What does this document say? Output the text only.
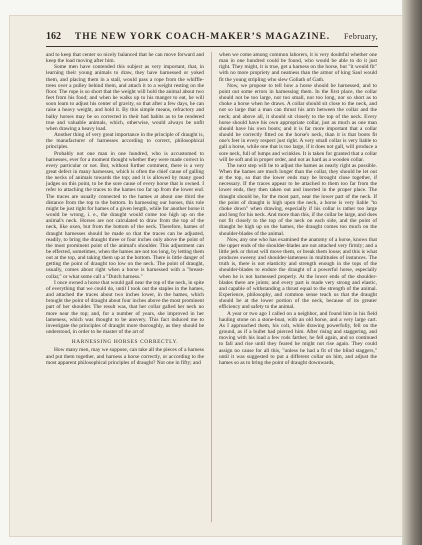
162 THE NEW YORK COACH-MAKER’S MAGAZINE. February,

and to keep that center so nicely balanced that he can move forward and keep the load moving after him.

Some men have contended this subject as very important, that, in learning their young animals to draw, they have harnessed or yoked them, and placing them in a stall, would pass a rope from the whiffle-trees over a pulley behind them, and attach it to a weight resting on the floor. The rope is so short that the weight will hold the animal about two feet from his food; and when he walks up to his manger to eat, he will soon learn to adjust his center of gravity, so that after a few days, he can raise a heavy weight, and hold it. By this simple means, refractory and balky horses may be so corrected in their bad habits as to be rendered true and valuable animals, which, otherwise, would always be unfit when drawing a heavy load.

Another thing of very great importance in the principle of draught is, the manufacturer of harnesses according to correct, philosophical principles.

Probably not one man in one hundred, who is accustomed to harnesses, ever for a moment thought whether they were made correct in every particular or not. But, without further comment, there is a very great defect in many harnesses, which is often the chief cause of galling the necks of animals towards the top; and it is allowed by many good judges on this point, to be the sore cause of every horse that is owned. I refer to attaching the traces to the hames too far up from the lower end. The traces are usually connected to the hames at about one third the distance from the top to the bottom. In harnessing our horses, this rule might be just right for hames of a given length, while for another horse it would be wrong, i. e., the draught would come too high up on the animal's neck. Horses are not calculated to draw from the top of the neck, like oxen, but from the bottom of the neck. Therefore, hames of draught harnesses should be made so that the traces can be adjusted, readily, to bring the draught three or four inches only above the point of the most prominent point of the animal's shoulder. This adjustment can be effected, sometimes, when the hames are not too long, by letting them out at the top, and taking them up at the bottom. There is little danger of getting the point of draught too low on the neck. The point of draught, usually, comes about right when a horse is harnessed with a "breast-collar," or what some call a "Dutch harness."

I once owned a horse that would gall near the top of the neck, in spite of everything that we could do, until I took out the staples in the hames, and attached the traces about two inches lower, in the hames, which brought the point of draught about four inches above the most prominent part of her shoulder. The result was, that her collar galled her neck no more near the top; and, for a number of years, she improved in her lameness, which was thought to be ansvery. This fact induced me to investigate the principles of draught more thoroughly, as they should be understood, in order to be master of the art of

HARNESSING HORSES CORRECTLY.

How many men, may we suppose, can take all the pieces of a harness and put them together, and harness a horse correctly, or according to the most apparent philosophical principles of draught? Not one in fifty; and

when we come among common laborers, it is very doubtful whether one man in one hundred could be found, who would be able to do it just right. They might, it is true, get a harness on the horse, but "it would fit" with no more propriety and neatness than the armor of king Saul would fit the young stripling who slew Goliath of Gath.

Now, we propose to tell how a horse should be harnessed, and to point out some errors in harnessing them. In the first place, the collar should not be too large, nor too small, nor too long, nor so short as to choke a horse when he draws. A collar should sit close to the neck, and not so large that a man can thrust his arm between the collar and the neck; and above all, it should sit closely to the top of the neck. Every horse should have his own appropriate collar, just as much as one man should have his own boots; and it is far more important that a collar should be correctly fitted on the horse's neck, than it is that boots fit one's feet in every respect just right. A very small collar is very liable to gall a horse, while one that is too large, if it does not gall, will produce a sore neck, full of lumps and wrinkles. It is taken for granted that a collar will be soft and in proper order, and not as hard as a wooden collar.

The next step will be to adjust the hames as nearly right as possible. When the hames are much longer than the collar, they should be let out at the top, so that the lower ends may be brought close together, if necessary. If the traces appear to be attached to them too far from the lower ends, they then taken out and inserted in the proper place. The draught should be, for the most part, near the lower part of the neck. If the point of draught is high upon the neck, a horse is very liable "to choke down" when drawing, especially if his collar is rather too large and long for his neck. And more than this, if the collar be large, and does not fit closely to the top of the neck on each side, and the point of draught be high up on the hames, the draught comes too much on the shoulder-blades of the animal.

Now, any one who has examined the anatomy of a horse, knows that the upper ends of the shoulder-blades are not attached very firmly; and a little jerk or thrust will move them, or break them loose; and this is what produces sweeny and shoulder-lameness in multitudes of instances. The truth is, there is not elasticity and strength enough in the tops of the shoulder-blades to endure the draught of a powerful horse, especially when he is not harnessed properly. At the lower ends of the shoulder-blades there are joints; and every part is made very strong and elastic, and capable of withstanding a thrust equal to the strength of the animal. Experience, philosophy, and common sense teach us that the draught should be at the lower portion of the neck, because of its greater efficiency and safety to the animal.

A year or two ago I called on a neighbor, and found him in his field hauling stone on a stone-boat, with an old horse, and a very large cart. As I approached them, his colt, while drawing powerfully, fell on the ground, as if a bullet had pierced him. After rising and staggering, and moving with his load a few rods farther, he fell again, and so continued to fall and rise until they feared he might not rise again. They could assign no cause for all this, "unless he had a fit of the blind staggers," until it was suggested to put a different collar on him, and adjust the hames so as to bring the point of draught downwards,
